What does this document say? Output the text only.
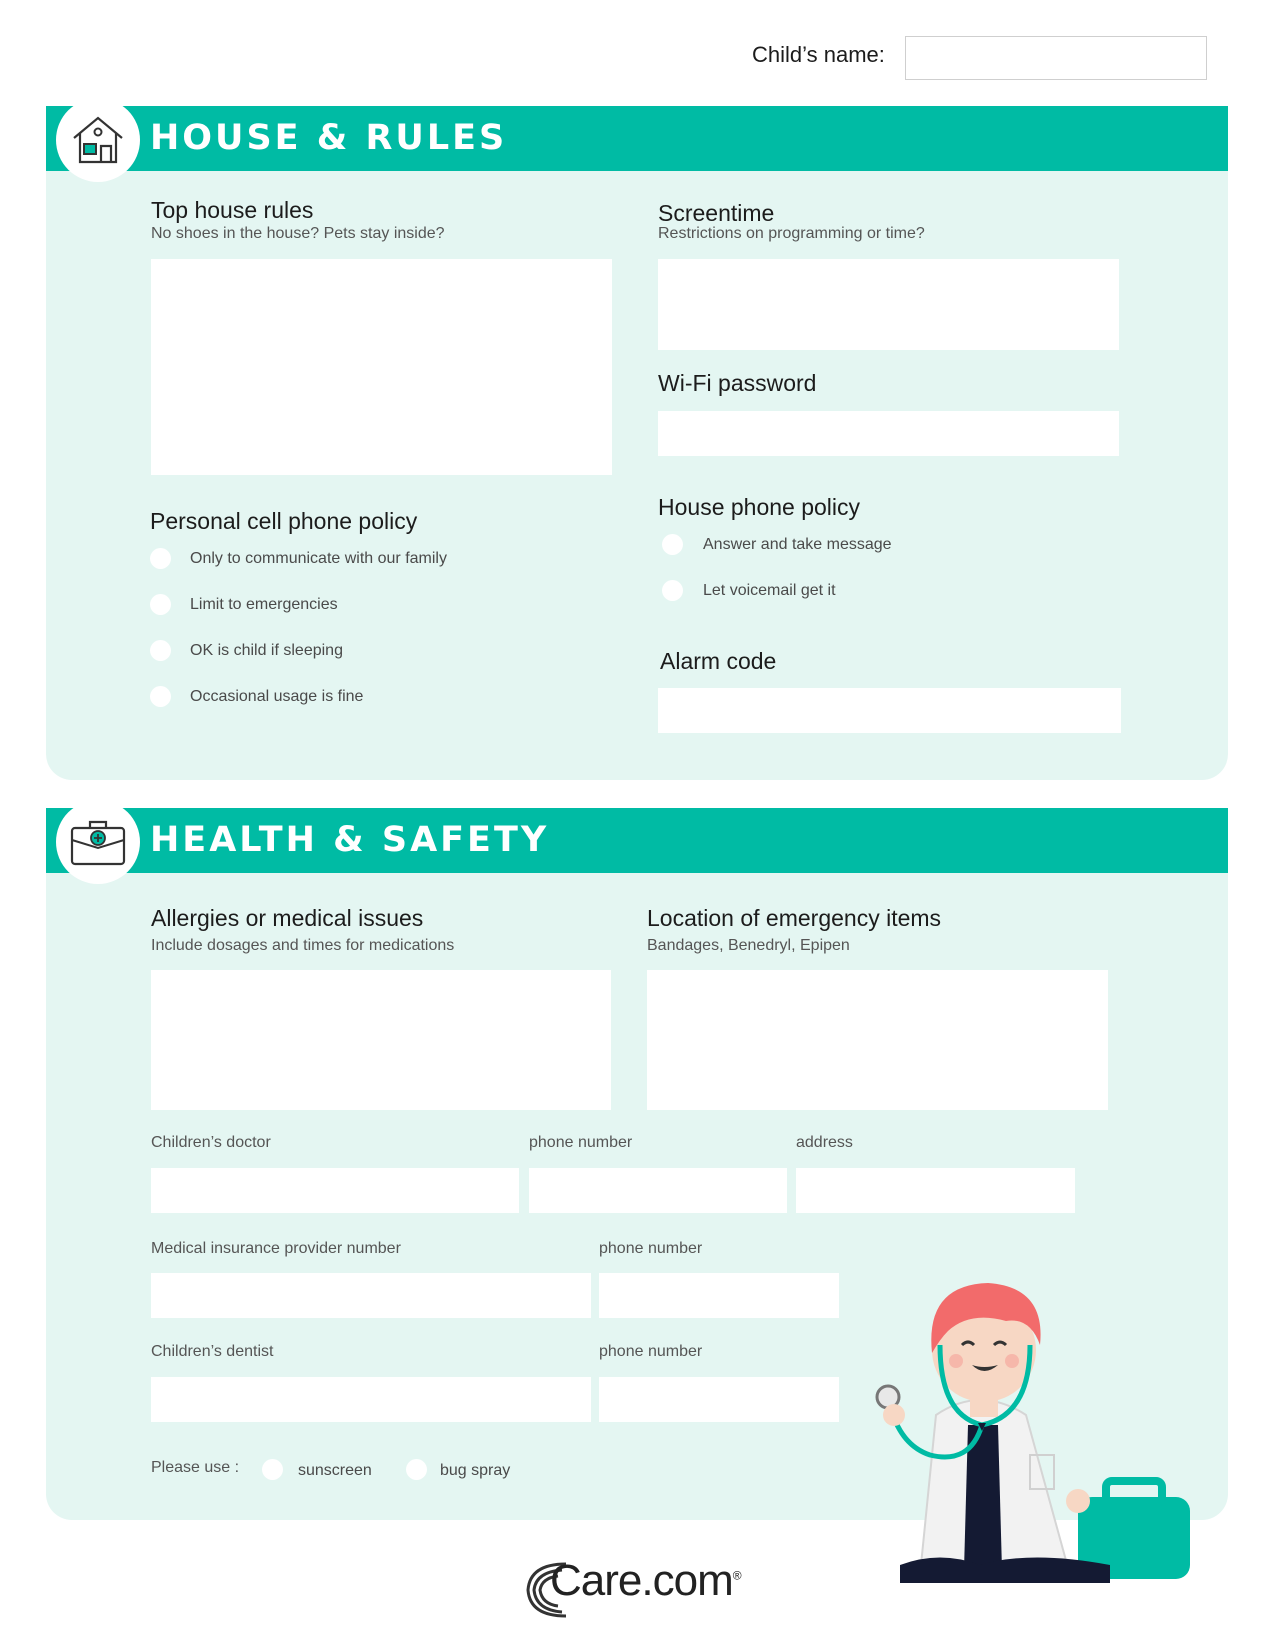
Child’s name:
HOUSE & RULES
Top house rules
No shoes in the house? Pets stay inside?
Screentime
Restrictions on programming or time?
Wi-Fi password
Personal cell phone policy
Only to communicate with our family
Limit to emergencies
OK is child if sleeping
Occasional usage is fine
House phone policy
Answer and take message
Let voicemail get it
Alarm code
HEALTH & SAFETY
Allergies or medical issues
Include dosages and times for medications
Location of emergency items
Bandages, Benedryl, Epipen
Children’s doctor	phone number	address
Medical insurance provider number	phone number
Children’s dentist	phone number
Please use :	sunscreen	bug spray
Care.com®
